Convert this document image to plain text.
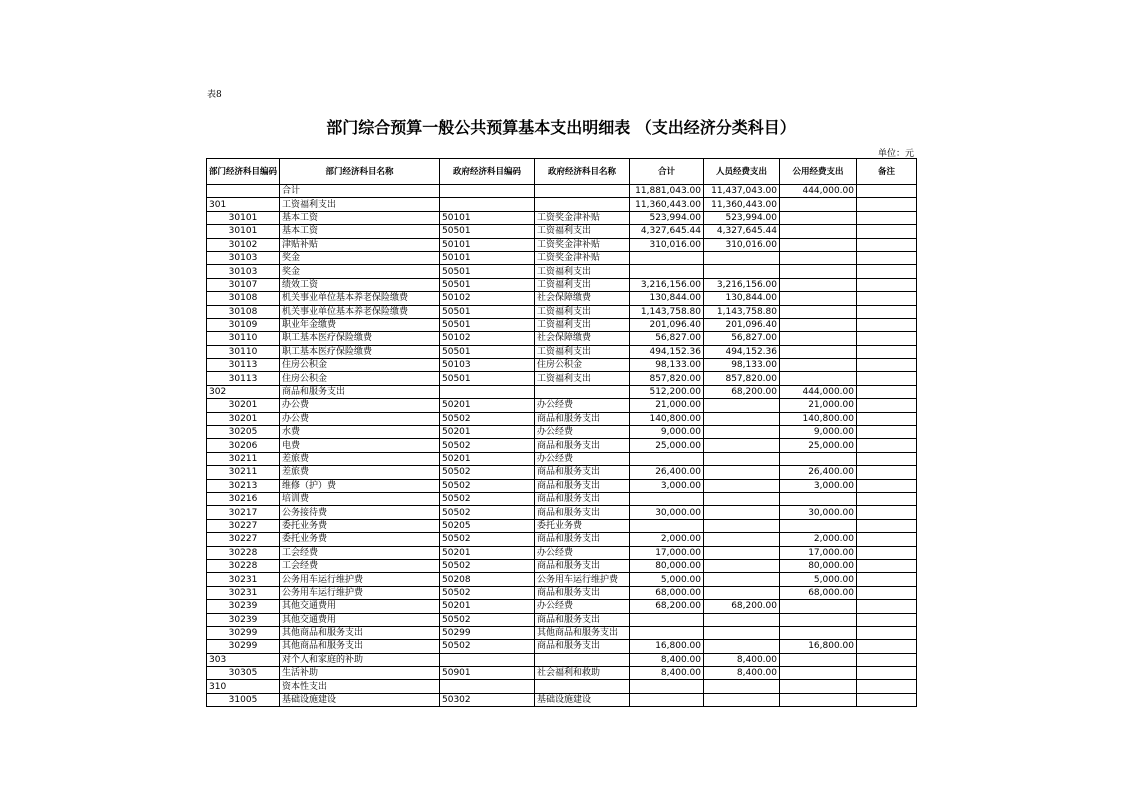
表8
部门综合预算一般公共预算基本支出明细表 （支出经济分类科目）
单位：元
部门经济科目编码	部门经济科目名称	政府经济科目编码	政府经济科目名称	合计	人员经费支出	公用经费支出	备注
	合计			11,881,043.00	11,437,043.00	444,000.00	
301	工资福利支出			11,360,443.00	11,360,443.00		
30101	基本工资	50101	工资奖金津补贴	523,994.00	523,994.00		
30101	基本工资	50501	工资福利支出	4,327,645.44	4,327,645.44		
30102	津贴补贴	50101	工资奖金津补贴	310,016.00	310,016.00		
30103	奖金	50101	工资奖金津补贴				
30103	奖金	50501	工资福利支出				
30107	绩效工资	50501	工资福利支出	3,216,156.00	3,216,156.00		
30108	机关事业单位基本养老保险缴费	50102	社会保障缴费	130,844.00	130,844.00		
30108	机关事业单位基本养老保险缴费	50501	工资福利支出	1,143,758.80	1,143,758.80		
30109	职业年金缴费	50501	工资福利支出	201,096.40	201,096.40		
30110	职工基本医疗保险缴费	50102	社会保障缴费	56,827.00	56,827.00		
30110	职工基本医疗保险缴费	50501	工资福利支出	494,152.36	494,152.36		
30113	住房公积金	50103	住房公积金	98,133.00	98,133.00		
30113	住房公积金	50501	工资福利支出	857,820.00	857,820.00		
302	商品和服务支出			512,200.00	68,200.00	444,000.00	
30201	办公费	50201	办公经费	21,000.00		21,000.00	
30201	办公费	50502	商品和服务支出	140,800.00		140,800.00	
30205	水费	50201	办公经费	9,000.00		9,000.00	
30206	电费	50502	商品和服务支出	25,000.00		25,000.00	
30211	差旅费	50201	办公经费				
30211	差旅费	50502	商品和服务支出	26,400.00		26,400.00	
30213	维修（护）费	50502	商品和服务支出	3,000.00		3,000.00	
30216	培训费	50502	商品和服务支出				
30217	公务接待费	50502	商品和服务支出	30,000.00		30,000.00	
30227	委托业务费	50205	委托业务费				
30227	委托业务费	50502	商品和服务支出	2,000.00		2,000.00	
30228	工会经费	50201	办公经费	17,000.00		17,000.00	
30228	工会经费	50502	商品和服务支出	80,000.00		80,000.00	
30231	公务用车运行维护费	50208	公务用车运行维护费	5,000.00		5,000.00	
30231	公务用车运行维护费	50502	商品和服务支出	68,000.00		68,000.00	
30239	其他交通费用	50201	办公经费	68,200.00	68,200.00		
30239	其他交通费用	50502	商品和服务支出				
30299	其他商品和服务支出	50299	其他商品和服务支出				
30299	其他商品和服务支出	50502	商品和服务支出	16,800.00		16,800.00	
303	对个人和家庭的补助			8,400.00	8,400.00		
30305	生活补助	50901	社会福利和救助	8,400.00	8,400.00		
310	资本性支出						
31005	基础设施建设	50302	基础设施建设				
